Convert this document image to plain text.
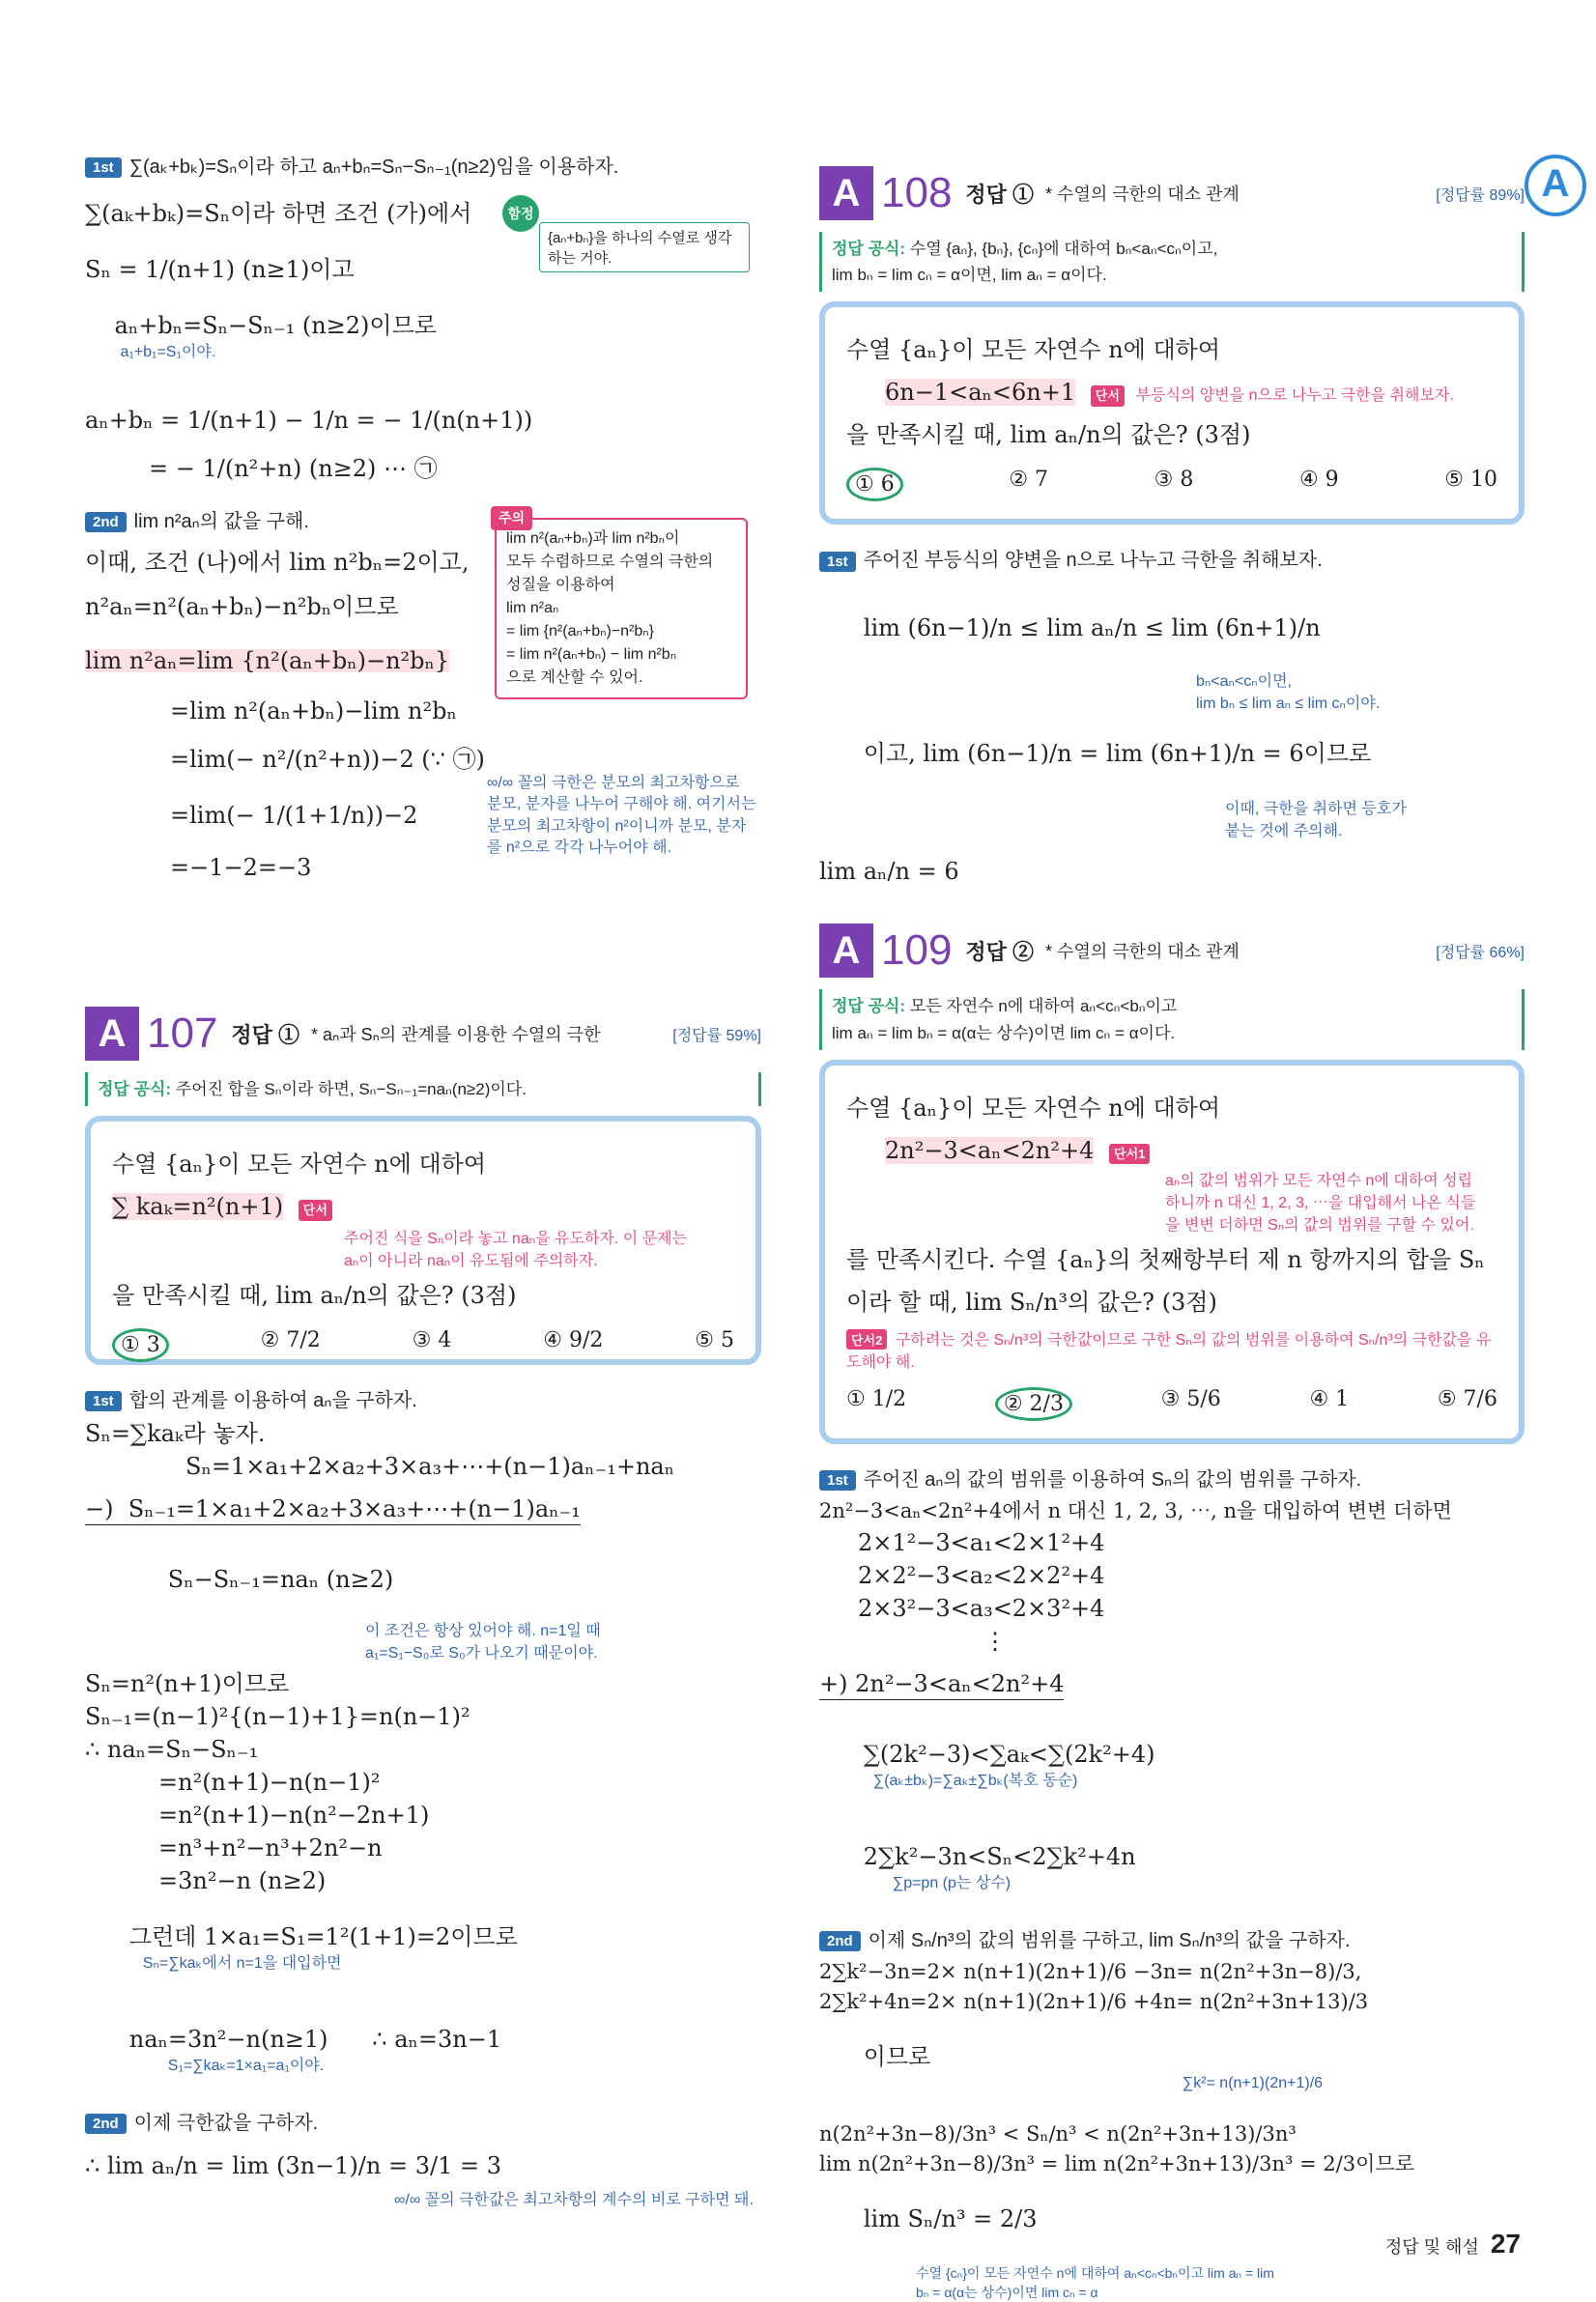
A
1st ∑(aₖ+bₖ)=Sₙ이라 하고 aₙ+bₙ=Sₙ−Sₙ₋₁(n≥2)임을 이용하자.
∑(aₖ+bₖ)=Sₙ이라 하면 조건 (가)에서	함정
{aₙ+bₙ}을 하나의 수열로 생각하는 거야.
Sₙ = 1/(n+1) (n≥1)이고

aₙ+bₙ=Sₙ−Sₙ₋₁ (n≥2)이므로
a₁+b₁=S₁이야.

aₙ+bₙ = 1/(n+1) − 1/n = − 1/(n(n+1))
= − 1/(n²+n) (n≥2) ⋯ ㉠
2nd lim n²aₙ의 값을 구해.
이때, 조건 (나)에서 lim n²bₙ=2이고,
n²aₙ=n²(aₙ+bₙ)−n²bₙ이므로
lim n²aₙ=lim {n²(aₙ+bₙ)−n²bₙ}
=lim n²(aₙ+bₙ)−lim n²bₙ
=lim(− n²/(n²+n))−2 (∵ ㉠)
=lim(− 1/(1+1/n))−2
=−1−2=−3
주의
lim n²(aₙ+bₙ)과 lim n²bₙ이
모두 수렴하므로 수열의 극한의
성질을 이용하여
lim n²aₙ
= lim {n²(aₙ+bₙ)−n²bₙ}
= lim n²(aₙ+bₙ) − lim n²bₙ
으로 계산할 수 있어.
∞/∞ 꼴의 극한은 분모의 최고차항으로 분모, 분자를 나누어 구해야 해. 여기서는 분모의 최고차항이 n²이니까 분모, 분자를 n²으로 각각 나누어야 해.
A 107 정답 ① * aₙ과 Sₙ의 관계를 이용한 수열의 극한	[정답률 59%]
정답 공식: 주어진 합을 Sₙ이라 하면, Sₙ−Sₙ₋₁=naₙ(n≥2)이다.
수열 {aₙ}이 모든 자연수 n에 대하여
∑ kaₖ=n²(n+1) 단서
주어진 식을 Sₙ이라 놓고 naₙ을 유도하자. 이 문제는 aₙ이 아니라 naₙ이 유도됨에 주의하자.
을 만족시킬 때, lim aₙ/n의 값은? (3점)
① 3	② 7/2	③ 4	④ 9/2	⑤ 5
1st 합의 관계를 이용하여 aₙ을 구하자.
Sₙ=∑kaₖ라 놓자.
Sₙ=1×a₁+2×a₂+3×a₃+⋯+(n−1)aₙ₋₁+naₙ
−)  Sₙ₋₁=1×a₁+2×a₂+3×a₃+⋯+(n−1)aₙ₋₁

Sₙ−Sₙ₋₁=naₙ (n≥2)

이 조건은 항상 있어야 해. n=1일 때 a₁=S₁−S₀로 S₀가 나오기 때문이야.
Sₙ=n²(n+1)이므로
Sₙ₋₁=(n−1)²{(n−1)+1}=n(n−1)²
∴ naₙ=Sₙ−Sₙ₋₁
=n²(n+1)−n(n−1)²
=n²(n+1)−n(n²−2n+1)
=n³+n²−n³+2n²−n
=3n²−n (n≥2)

그런데 1×a₁=S₁=1²(1+1)=2이므로
Sₙ=∑kaₖ에서 n=1을 대입하면

naₙ=3n²−n(n≥1)      ∴ aₙ=3n−1
S₁=∑kaₖ=1×a₁=a₁이야.

2nd 이제 극한값을 구하자.
∴ lim aₙ/n = lim (3n−1)/n = 3/1 = 3
∞/∞ 꼴의 극한값은 최고차항의 계수의 비로 구하면 돼.
A 108 정답 ① * 수열의 극한의 대소 관계	[정답률 89%]
정답 공식: 수열 {aₙ}, {bₙ}, {cₙ}에 대하여 bₙ<aₙ<cₙ이고,
lim bₙ = lim cₙ = α이면, lim aₙ = α이다.
수열 {aₙ}이 모든 자연수 n에 대하여
6n−1<aₙ<6n+1 단서 부등식의 양변을 n으로 나누고 극한을 취해보자.
을 만족시킬 때, lim aₙ/n의 값은? (3점)
① 6	② 7	③ 8	④ 9	⑤ 10
1st 주어진 부등식의 양변을 n으로 나누고 극한을 취해보자.

lim (6n−1)/n ≤ lim aₙ/n ≤ lim (6n+1)/n

bₙ<aₙ<cₙ이면,
lim bₙ ≤ lim aₙ ≤ lim cₙ이야.

이고, lim (6n−1)/n = lim (6n+1)/n = 6이므로

이때, 극한을 취하면 등호가 붙는 것에 주의해.
lim aₙ/n = 6
A 109 정답 ② * 수열의 극한의 대소 관계	[정답률 66%]
정답 공식: 모든 자연수 n에 대하여 aₙ<cₙ<bₙ이고
lim aₙ = lim bₙ = α(α는 상수)이면 lim cₙ = α이다.
수열 {aₙ}이 모든 자연수 n에 대하여
2n²−3<aₙ<2n²+4 단서1
aₙ의 값의 범위가 모든 자연수 n에 대하여 성립하니까 n 대신 1, 2, 3, ⋯을 대입해서 나온 식들을 변변 더하면 Sₙ의 값의 범위를 구할 수 있어.
를 만족시킨다. 수열 {aₙ}의 첫째항부터 제 n 항까지의 합을 Sₙ
이라 할 때, lim Sₙ/n³의 값은? (3점)
단서2 구하려는 것은 Sₙ/n³의 극한값이므로 구한 Sₙ의 값의 범위를 이용하여 Sₙ/n³의 극한값을 유도해야 해.
① 1/2	② 2/3	③ 5/6	④ 1	⑤ 7/6
1st 주어진 aₙ의 값의 범위를 이용하여 Sₙ의 값의 범위를 구하자.
2n²−3<aₙ<2n²+4에서 n 대신 1, 2, 3, ⋯, n을 대입하여 변변 더하면
2×1²−3<a₁<2×1²+4
2×2²−3<a₂<2×2²+4
2×3²−3<a₃<2×3²+4
⋮
+) 2n²−3<aₙ<2n²+4

∑(2k²−3)<∑aₖ<∑(2k²+4)
∑(aₖ±bₖ)=∑aₖ±∑bₖ(복호 동순)

2∑k²−3n<Sₙ<2∑k²+4n
∑p=pn (p는 상수)

2nd 이제 Sₙ/n³의 값의 범위를 구하고, lim Sₙ/n³의 값을 구하자.
2∑k²−3n=2× n(n+1)(2n+1)/6 −3n= n(2n²+3n−8)/3,
2∑k²+4n=2× n(n+1)(2n+1)/6 +4n= n(2n²+3n+13)/3

이므로
∑k²= n(n+1)(2n+1)/6

n(2n²+3n−8)/3n³ < Sₙ/n³ < n(2n²+3n+13)/3n³
lim n(2n²+3n−8)/3n³ = lim n(2n²+3n+13)/3n³ = 2/3이므로

lim Sₙ/n³ = 2/3

수열 {cₙ}이 모든 자연수 n에 대하여 aₙ<cₙ<bₙ이고 lim aₙ = lim bₙ = α(α는 상수)이면 lim cₙ = α
정답 및 해설 27
